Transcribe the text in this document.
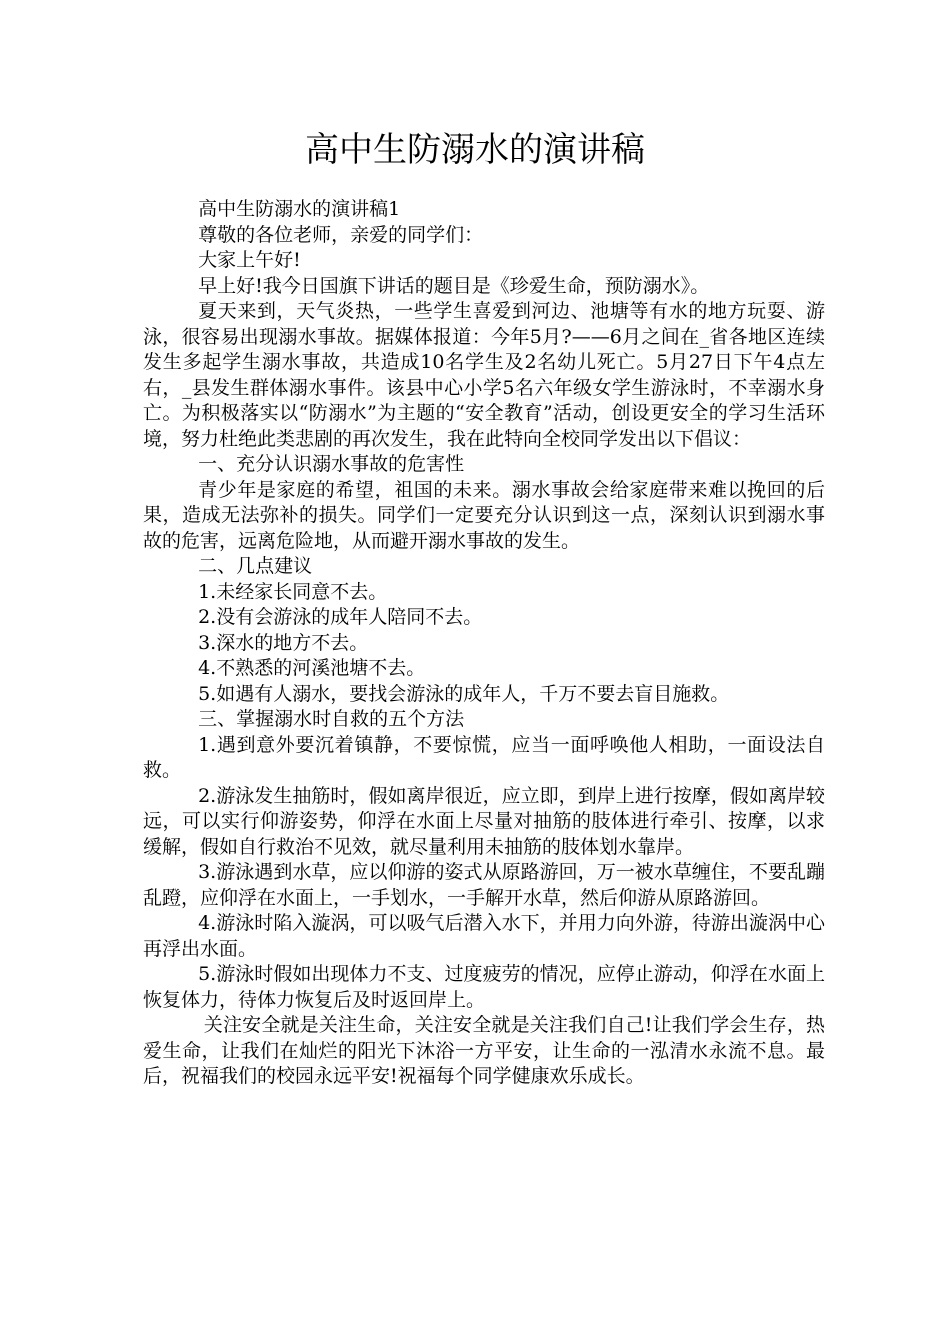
高中生防溺水的演讲稿

高中生防溺水的演讲稿1

尊敬的各位老师，亲爱的同学们：

大家上午好!

早上好!我今日国旗下讲话的题目是《珍爱生命，预防溺水》。

夏天来到，天气炎热，一些学生喜爱到河边、池塘等有水的地方玩耍、游泳，很容易出现溺水事故。据媒体报道：今年5月?——6月之间在_省各地区连续发生多起学生溺水事故，共造成10名学生及2名幼儿死亡。5月27日下午4点左右，_县发生群体溺水事件。该县中心小学5名六年级女学生游泳时，不幸溺水身亡。为积极落实以“防溺水”为主题的“安全教育”活动，创设更安全的学习生活环境，努力杜绝此类悲剧的再次发生，我在此特向全校同学发出以下倡议：

一、充分认识溺水事故的危害性

青少年是家庭的希望，祖国的未来。溺水事故会给家庭带来难以挽回的后果，造成无法弥补的损失。同学们一定要充分认识到这一点，深刻认识到溺水事故的危害，远离危险地，从而避开溺水事故的发生。

二、几点建议

1.未经家长同意不去。

2.没有会游泳的成年人陪同不去。

3.深水的地方不去。

4.不熟悉的河溪池塘不去。

5.如遇有人溺水，要找会游泳的成年人，千万不要去盲目施救。

三、掌握溺水时自救的五个方法

1.遇到意外要沉着镇静，不要惊慌，应当一面呼唤他人相助，一面设法自救。

2.游泳发生抽筋时，假如离岸很近，应立即，到岸上进行按摩，假如离岸较远，可以实行仰游姿势，仰浮在水面上尽量对抽筋的肢体进行牵引、按摩，以求缓解，假如自行救治不见效，就尽量利用未抽筋的肢体划水靠岸。

3.游泳遇到水草，应以仰游的姿式从原路游回，万一被水草缠住，不要乱蹦乱蹬，应仰浮在水面上，一手划水，一手解开水草，然后仰游从原路游回。

4.游泳时陷入漩涡，可以吸气后潜入水下，并用力向外游，待游出漩涡中心再浮出水面。

5.游泳时假如出现体力不支、过度疲劳的情况，应停止游动，仰浮在水面上恢复体力，待体力恢复后及时返回岸上。

关注安全就是关注生命，关注安全就是关注我们自己!让我们学会生存，热爱生命，让我们在灿烂的阳光下沐浴一方平安，让生命的一泓清水永流不息。最后，祝福我们的校园永远平安!祝福每个同学健康欢乐成长。
